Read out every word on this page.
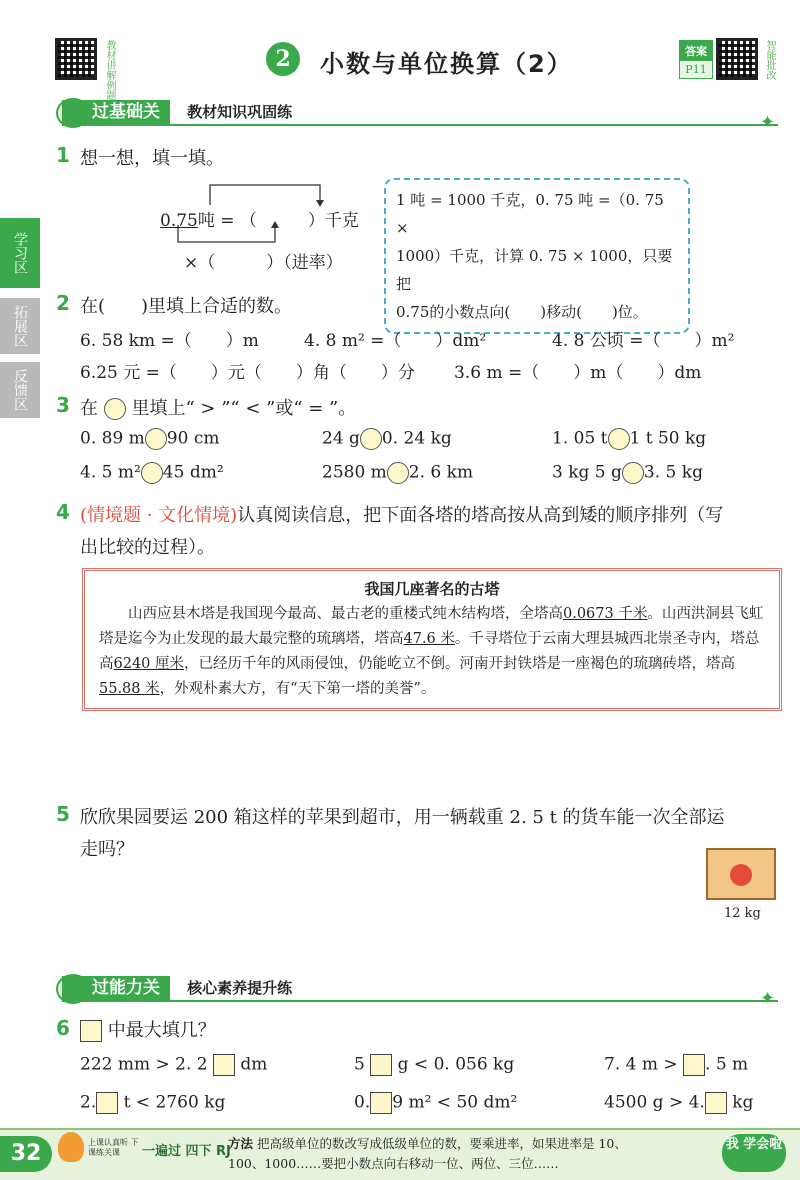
教材讲解例题	2	小数与单位换算（2）	答案
P11	智能批改
过基础关 教材知识巩固练	✦
学习区
拓展区
反馈区
1 想一想，填一填。
0.75吨 = （　　　）千克
×（　　　）（进率）
1 吨 = 1000 千克，0. 75 吨 =（0. 75 ×
1000）千克，计算 0. 75 × 1000，只要把
0.75的小数点向(　　)移动(　　)位。
2 在(　　)里填上合适的数。
6. 58 km =（　　）m	4. 8 m² =（　　）dm²	4. 8 公顷 =（　　）m²
6.25 元 =（　　）元（　　）角（　　）分 3.6 m =（　　）m（　　）dm
3 在 里填上“ > ”“ < ”或“ = ”。
0. 89 m 90 cm	24 g 0. 24 kg	1. 05 t 1 t 50 kg
4. 5 m² 45 dm²	2580 m 2. 6 km	3 kg 5 g 3. 5 kg
4 (情境题 · 文化情境)认真阅读信息，把下面各塔的塔高按从高到矮的顺序排列（写
出比较的过程）。
我国几座著名的古塔
山西应县木塔是我国现今最高、最古老的重楼式纯木结构塔，全塔高0.0673 千米。山西洪洞县飞虹塔是迄今为止发现的最大最完整的琉璃塔，塔高47.6 米。千寻塔位于云南大理县城西北崇圣寺内，塔总高6240 厘米，已经历千年的风雨侵蚀，仍能屹立不倒。河南开封铁塔是一座褐色的琉璃砖塔，塔高55.88 米，外观朴素大方，有“天下第一塔的美誉”。
5 欣欣果园要运 200 箱这样的苹果到超市，用一辆载重 2. 5 t 的货车能一次全部运
走吗？
12 kg
过能力关 核心素养提升练	✦
6	中最大填几？
222 mm > 2. 2 dm	5 g < 0. 056 kg	7. 4 m > . 5 m
2. t < 2760 kg	0. 9 m² < 50 dm²	4500 g > 4. kg
32	上课认真听 下课练关课	一遍过 四下 RJ
方法 把高级单位的数改写成低级单位的数，要乘进率，如果进率是 10、
100、1000……要把小数点向右移动一位、两位、三位……
我 学会啦
